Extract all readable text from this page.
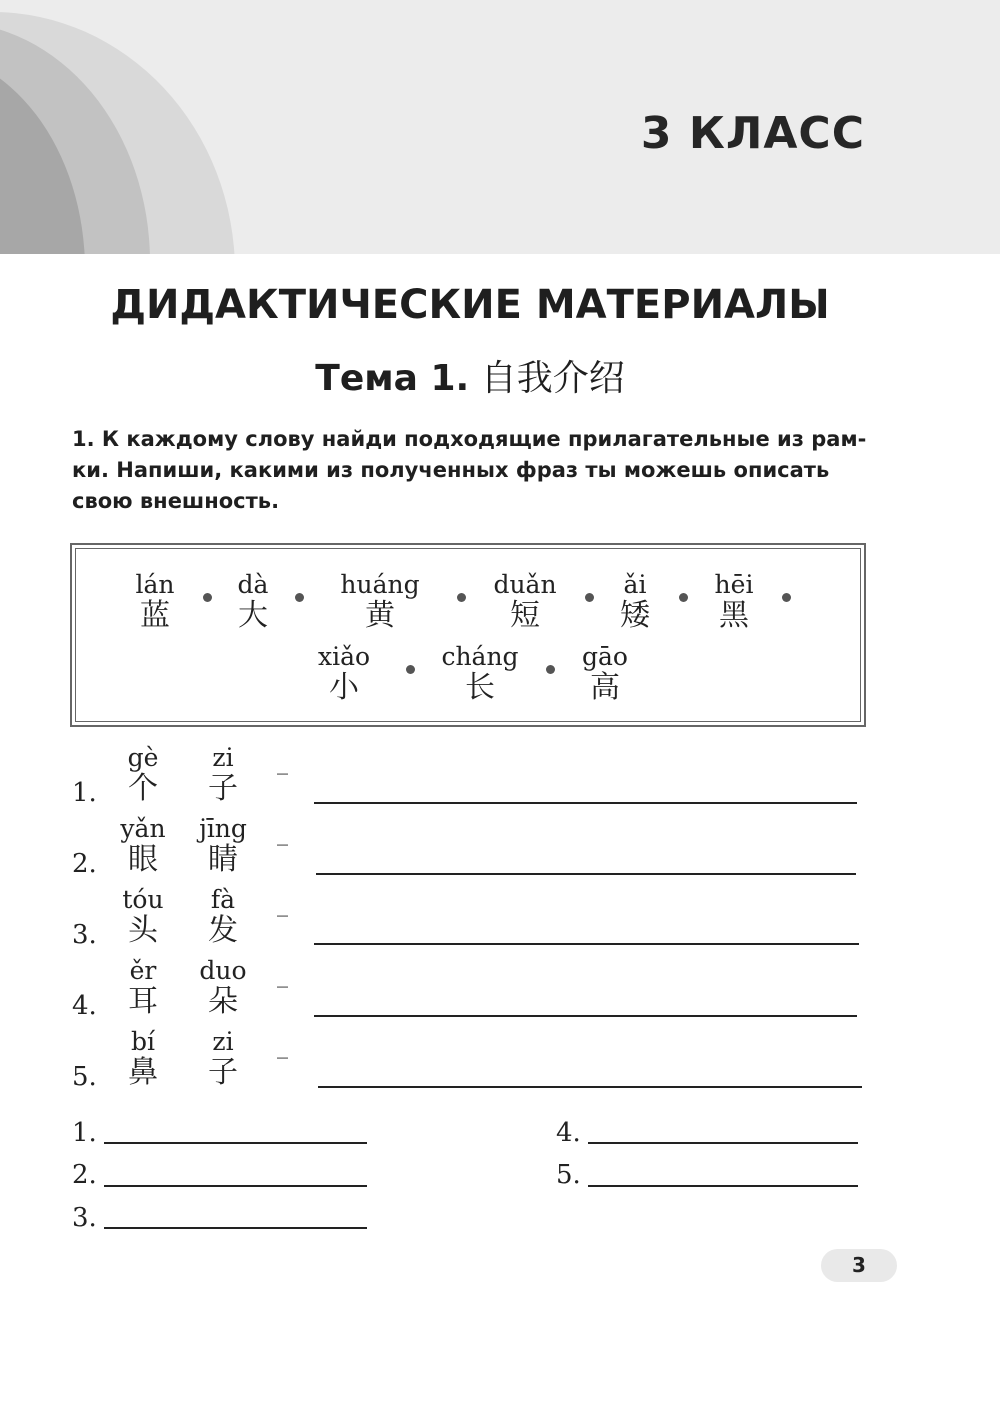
3 КЛАСС
ДИДАКТИЧЕСКИЕ МАТЕРИАЛЫ
Тема 1. 自我介绍
1. К каждому слову найди подходящие прилагательные из рам-
ки. Напиши, какими из полученных фраз ты можешь описать
свою внешность.
lán
蓝
dà
大
huáng
黄
duǎn
短
ǎi
矮
hēi
黑
xiǎo
小
cháng
长
gāo
高
1.
gè
个
zi
子
_
2.
yǎn
眼
jīng
睛
_
3.
tóu
头
fà
发
_
4.
ěr
耳
duo
朵
_
5.
bí
鼻
zi
子
_
1.
2.
3.
4.
5.
3
